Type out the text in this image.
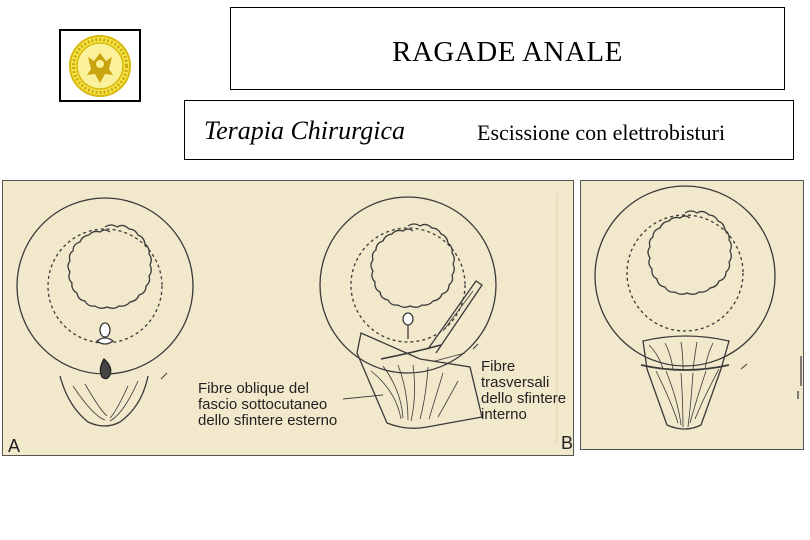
RAGADE ANALE
Terapia Chirurgica	Escissione con elettrobisturi
Fibre oblique del
fascio sottocutaneo
dello sfintere esterno
Fibre
trasversali
dello sfintere
interno
A	B
